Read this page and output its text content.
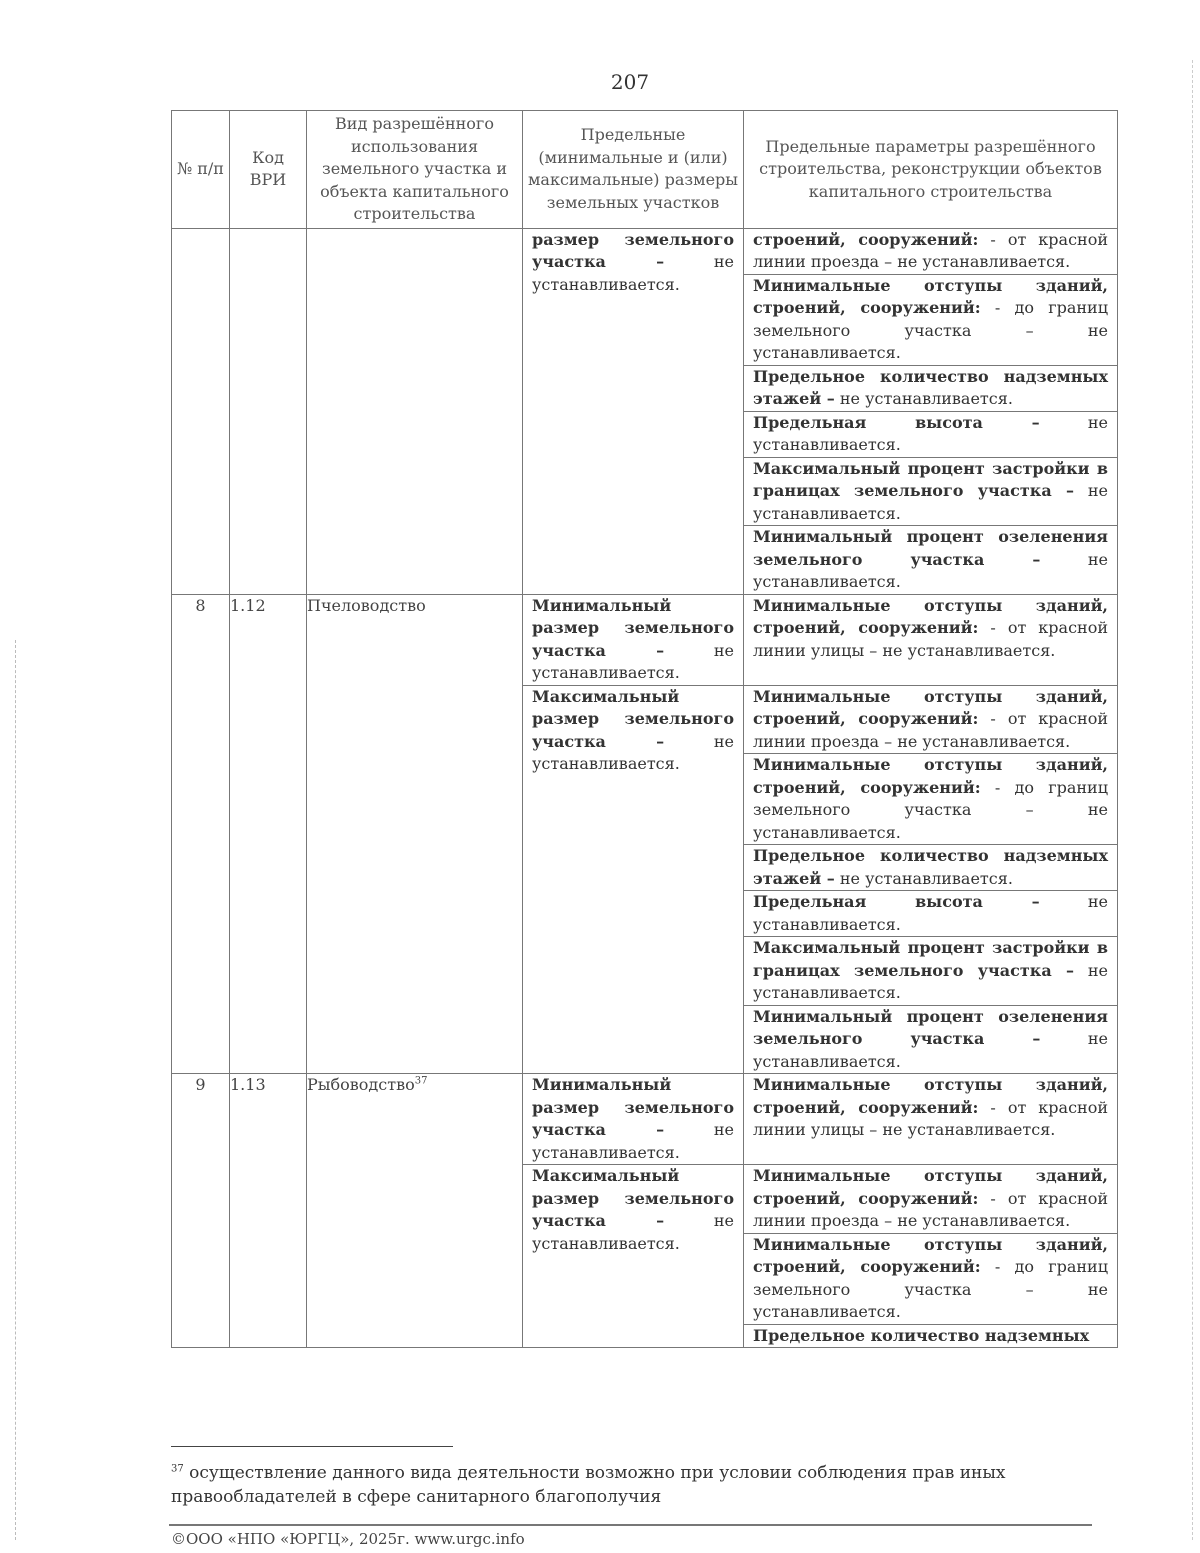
207
№ п/п	Код ВРИ	Вид разрешённого использования земельного участка и объекта капитального строительства	Предельные (минимальные и (или) максимальные) размеры земельных участков	Предельные параметры разрешённого строительства, реконструкции объектов капитального строительства

			размер земельного участка – не устанавливается.	строений, сооружений: - от красной линии проезда – не устанавливается.

				Минимальные отступы зданий, строений, сооружений: - до границ земельного участка – не устанавливается.

				Предельное количество надземных этажей – не устанавливается.

				Предельная высота – не устанавливается.

				Максимальный процент застройки в границах земельного участка – не устанавливается.

				Минимальный процент озеленения земельного участка – не устанавливается.

8	1.12	Пчеловодство	Минимальный размер земельного участка – не устанавливается.	Минимальные отступы зданий, строений, сооружений: - от красной линии улицы – не устанавливается.

			Максимальный размер земельного участка – не устанавливается.	Минимальные отступы зданий, строений, сооружений: - от красной линии проезда – не устанавливается.

				Минимальные отступы зданий, строений, сооружений: - до границ земельного участка – не устанавливается.

				Предельное количество надземных этажей – не устанавливается.

				Предельная высота – не устанавливается.

				Максимальный процент застройки в границах земельного участка – не устанавливается.

				Минимальный процент озеленения земельного участка – не устанавливается.

9	1.13	Рыбоводство$^{37}$	Минимальный размер земельного участка – не устанавливается.	Минимальные отступы зданий, строений, сооружений: - от красной линии улицы – не устанавливается.

			Максимальный размер земельного участка – не устанавливается.	Минимальные отступы зданий, строений, сооружений: - от красной линии проезда – не устанавливается.

				Минимальные отступы зданий, строений, сооружений: - до границ земельного участка – не устанавливается.

				Предельное количество надземных
$^{37}$ осуществление данного вида деятельности возможно при условии соблюдения прав иных правообладателей в сфере санитарного благополучия
©ООО «НПО «ЮРГЦ», 2025г. www.urgc.info
